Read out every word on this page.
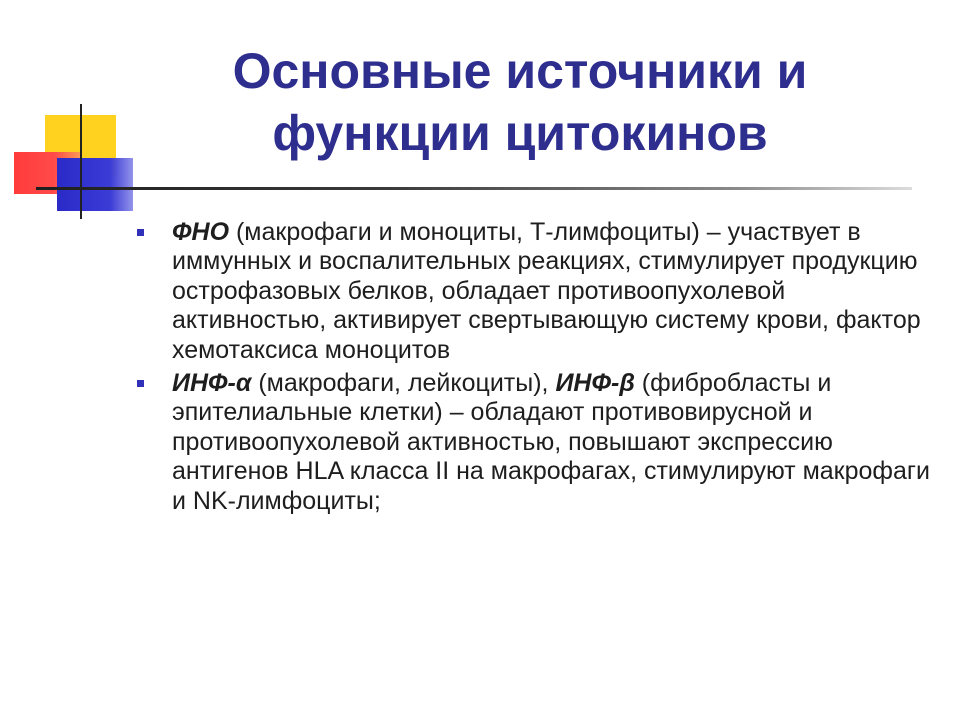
Основные источники и
функции цитокинов
ФНО (макрофаги и моноциты, Т-лимфоциты) – участвует в иммунных и воспалительных реакциях, стимулирует продукцию острофазовых белков, обладает противоопухолевой активностью, активирует свертывающую систему крови, фактор хемотаксиса моноцитов
ИНФ-α (макрофаги, лейкоциты), ИНФ-β (фибробласты и эпителиальные клетки) – обладают противовирусной и противоопухолевой активностью, повышают экспрессию антигенов HLA класса II на макрофагах, стимулируют макрофаги и NK-лимфоциты;
